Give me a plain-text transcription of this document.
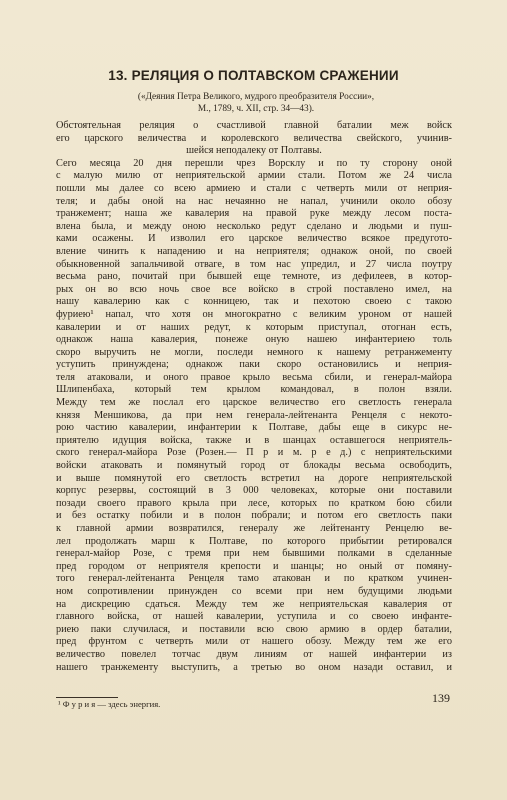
13. РЕЛЯЦИЯ О ПОЛТАВСКОМ СРАЖЕНИИ
(«Деяния Петра Великого, мудрого преобразителя России»,
М., 1789, ч. XII, стр. 34—43).
Обстоятельная реляция о счастливой главной баталии меж войск
его царского величества и королевского величества свейского, учинив-
шейся неподалеку от Полтавы.
Сего месяца 20 дня перешли чрез Ворсклу и по ту сторону оной
с малую милю от неприятельской армии стали. Потом же 24 числа
пошли мы далее со всею армиею и стали с четверть мили от неприя-
теля; и дабы оной на нас нечаянно не напал, учинили около обозу
транжемент; наша же кавалерия на правой руке между лесом поста-
влена была, и между оною несколько редут сделано и людьми и пуш-
ками осажены. И изволил его царское величество всякое предугото-
вление чинить к нападению и на неприятеля; однакож оной, по своей
обыкновенной запальчивой отваге, в том нас упредил, и 27 числа поутру
весьма рано, почитай при бывшей еще темноте, из дефилеев, в котор-
рых он во всю ночь свое все войско в строй поставлено имел, на
нашу кавалерию как с конницею, так и пехотою своею с такою
фуриею¹ напал, что хотя он многократно с великим уроном от нашей
кавалерии и от наших редут, к которым приступал, отогнан есть,
однакож наша кавалерия, понеже оную нашею инфантериею толь
скоро выручить не могли, последи немного к нашему ретранжементу
уступить принуждена; однакож паки скоро остановились и неприя-
теля атаковали, и оного правое крыло весьма сбили, и генерал-майора
Шлипенбаха, который тем крылом командовал, в полон взяли.
Между тем же послал его царское величество его светлость генерала
князя Меншикова, да при нем генерала-лейтенанта Ренцеля с некото-
рою частию кавалерии, инфантерии к Полтаве, дабы еще в сикурс не-
приятелю идущия войска, также и в шанцах оставшегося неприятель-
ского генерал-майора Розе (Розен.— П р и м. р е д.) с неприятельскими
войски атаковать и помянутый город от блокады весьма освободить,
и выше помянутой его светлость встретил на дороге неприятельской
корпус резервы, состоящий в 3 000 человеках, которые они поставили
позади своего правого крыла при лесе, которых по кратком бою сбили
и без остатку побили и в полон побрали; и потом его светлость паки
к главной армии возвратился, генералу же лейтенанту Ренцелю ве-
лел продолжать марш к Полтаве, по которого прибытии ретировался
генерал-майор Розе, с тремя при нем бывшими полками в сделанные
пред городом от неприятеля крепости и шанцы; но оный от помяну-
того генерал-лейтенанта Ренцеля тамо атакован и по кратком учинен-
ном сопротивлении принужден со всеми при нем будущими людьми
на дискрецию сдаться. Между тем же неприятельская кавалерия от
главного войска, от нашей кавалерии, уступила и со своею инфанте-
риею паки случилася, и поставили всю свою армию в ордер баталии,
пред фрунтом с четверть мили от нашего обозу. Между тем же его
величество повелел тотчас двум линиям от нашей инфантерии из
нашего транжементу выступить, а третью во оном назади оставил, и
139
¹ Ф у р и я — здесь энергия.
